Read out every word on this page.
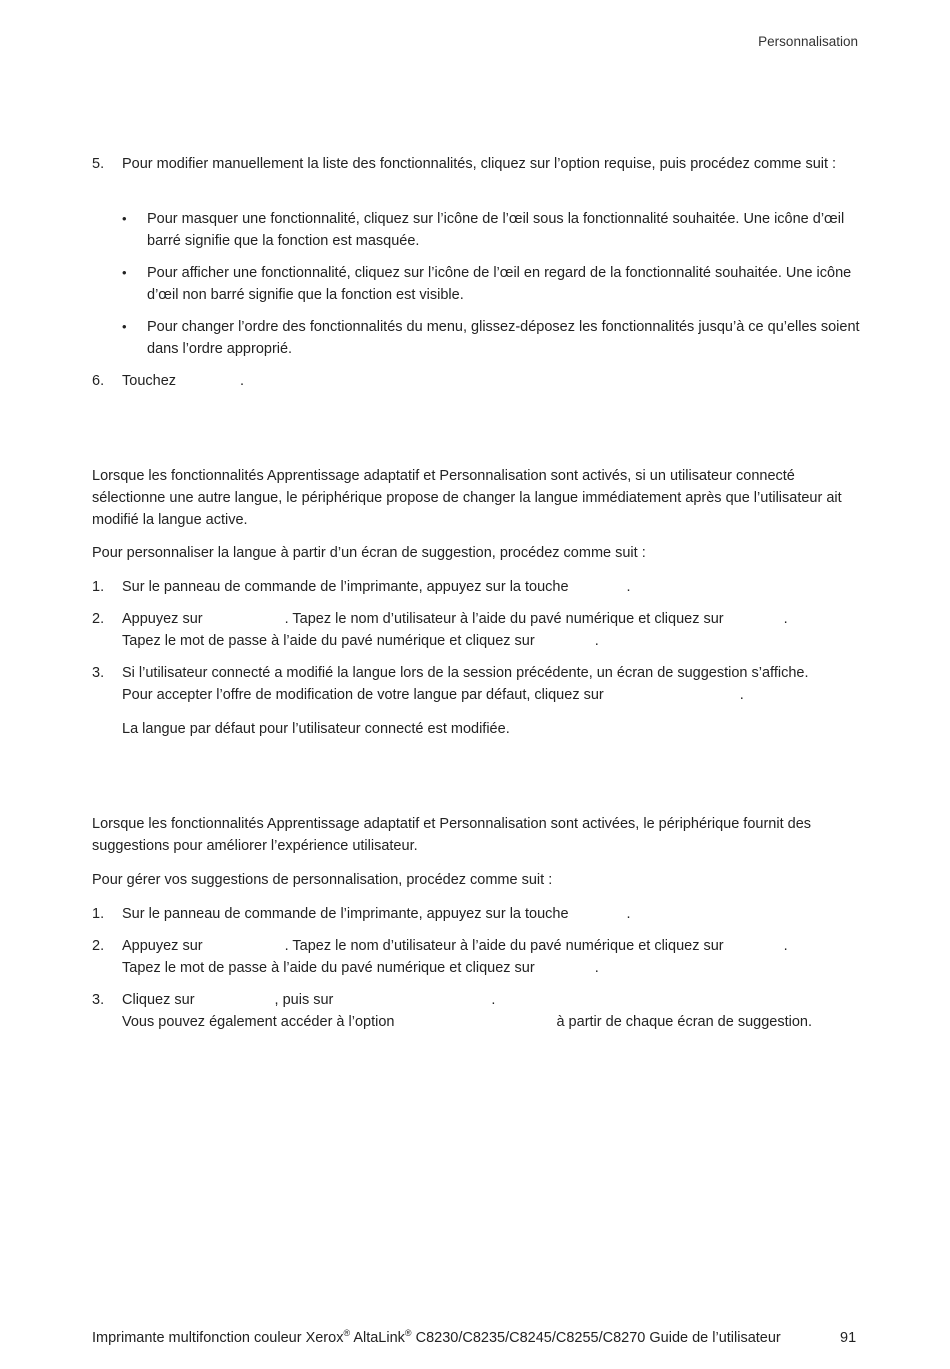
Personnalisation
5.	Pour modifier manuellement la liste des fonctionnalités, cliquez sur l’option requise, puis procédez comme suit :
• Pour masquer une fonctionnalité, cliquez sur l’icône de l’œil sous la fonctionnalité souhaitée. Une icône d’œil barré signifie que la fonction est masquée.
• Pour afficher une fonctionnalité, cliquez sur l’icône de l’œil en regard de la fonctionnalité souhaitée. Une icône d’œil non barré signifie que la fonction est visible.
• Pour changer l’ordre des fonctionnalités du menu, glissez-déposez les fonctionnalités jusqu’à ce qu’elles soient dans l’ordre approprié.
6.	Touchez	.
Lorsque les fonctionnalités Apprentissage adaptatif et Personnalisation sont activés, si un utilisateur connecté sélectionne une autre langue, le périphérique propose de changer la langue immédiatement après que l’utilisateur ait modifié la langue active.
Pour personnaliser la langue à partir d’un écran de suggestion, procédez comme suit :
1.	Sur le panneau de commande de l’imprimante, appuyez sur la touche	.
2.	Appuyez sur	. Tapez le nom d’utilisateur à l’aide du pavé numérique et cliquez sur	.
Tapez le mot de passe à l’aide du pavé numérique et cliquez sur	.
3.	Si l’utilisateur connecté a modifié la langue lors de la session précédente, un écran de suggestion s’affiche.
Pour accepter l’offre de modification de votre langue par défaut, cliquez sur	.
La langue par défaut pour l’utilisateur connecté est modifiée.
Lorsque les fonctionnalités Apprentissage adaptatif et Personnalisation sont activées, le périphérique fournit des suggestions pour améliorer l’expérience utilisateur.
Pour gérer vos suggestions de personnalisation, procédez comme suit :
1.	Sur le panneau de commande de l’imprimante, appuyez sur la touche	.
2.	Appuyez sur	. Tapez le nom d’utilisateur à l’aide du pavé numérique et cliquez sur	.
Tapez le mot de passe à l’aide du pavé numérique et cliquez sur	.
3.	Cliquez sur	, puis sur	.
Vous pouvez également accéder à l’option	à partir de chaque écran de suggestion.
Imprimante multifonction couleur Xerox® AltaLink® C8230/C8235/C8245/C8255/C8270 Guide de l’utilisateur	91
